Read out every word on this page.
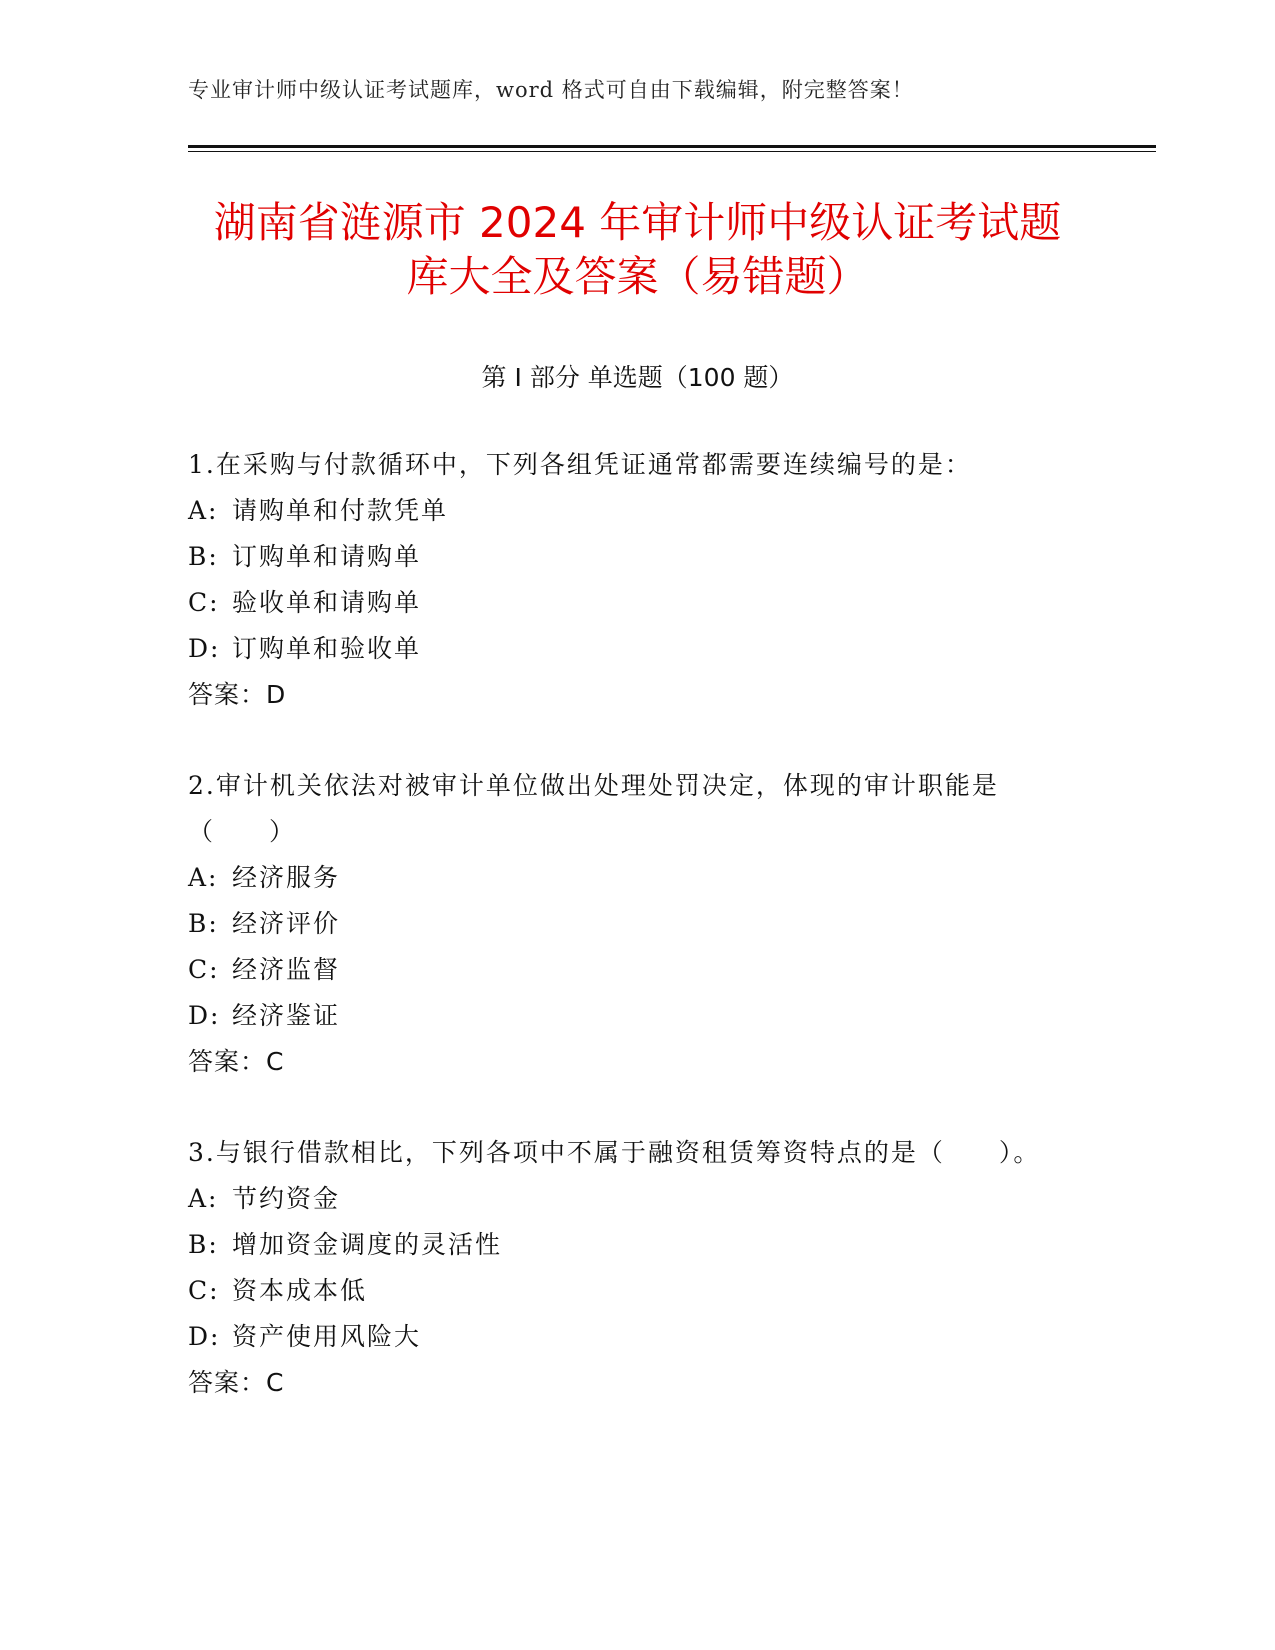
专业审计师中级认证考试题库，word 格式可自由下载编辑，附完整答案！
湖南省涟源市 2024 年审计师中级认证考试题
库大全及答案（易错题）
第 I 部分 单选题（100 题）
1.在采购与付款循环中，下列各组凭证通常都需要连续编号的是：
A: 请购单和付款凭单
B: 订购单和请购单
C: 验收单和请购单
D: 订购单和验收单
答案：D
2.审计机关依法对被审计单位做出处理处罚决定，体现的审计职能是（　　）
A: 经济服务
B: 经济评价
C: 经济监督
D: 经济鉴证
答案：C
3.与银行借款相比，下列各项中不属于融资租赁筹资特点的是（　　）。
A: 节约资金
B: 增加资金调度的灵活性
C: 资本成本低
D: 资产使用风险大
答案：C
